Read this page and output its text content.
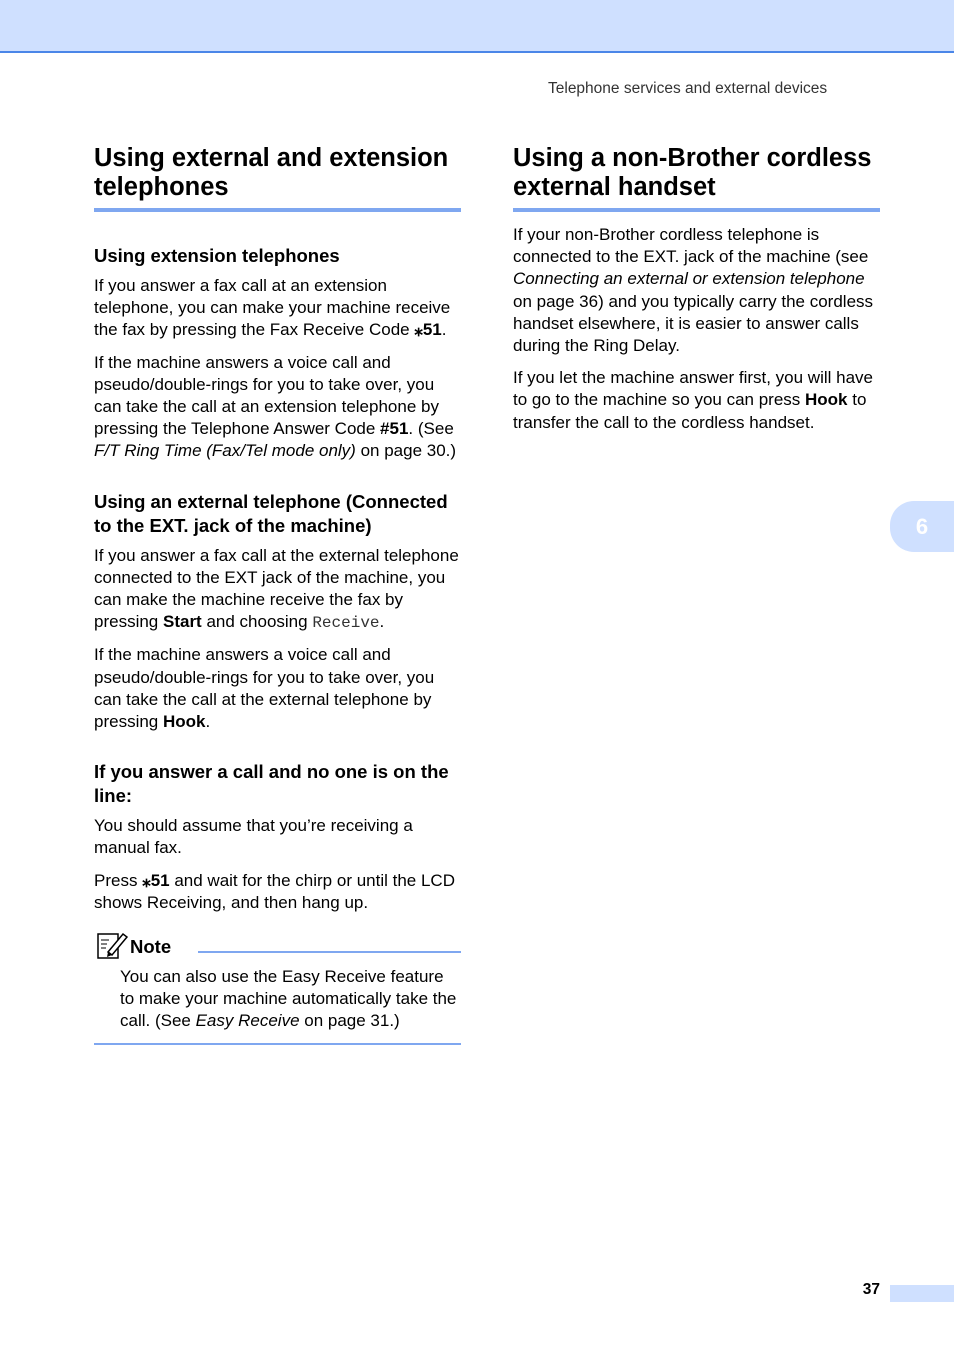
Telephone services and external devices
Using external and extension telephones
Using extension telephones

If you answer a fax call at an extension telephone, you can make your machine receive the fax by pressing the Fax Receive Code ⁎51.

If the machine answers a voice call and pseudo/double-rings for you to take over, you can take the call at an extension telephone by pressing the Telephone Answer Code #51. (See F/T Ring Time (Fax/Tel mode only) on page 30.)

Using an external telephone (Connected to the EXT. jack of the machine)

If you answer a fax call at the external telephone connected to the EXT jack of the machine, you can make the machine receive the fax by pressing Start and choosing Receive.

If the machine answers a voice call and pseudo/double-rings for you to take over, you can take the call at the external telephone by pressing Hook.

If you answer a call and no one is on the line:

You should assume that you’re receiving a manual fax.

Press ⁎51 and wait for the chirp or until the LCD shows Receiving, and then hang up.

Note

You can also use the Easy Receive feature to make your machine automatically take the call. (See Easy Receive on page 31.)

Using a non-Brother cordless external handset

If your non-Brother cordless telephone is connected to the EXT. jack of the machine (see Connecting an external or extension telephone on page 36) and you typically carry the cordless handset elsewhere, it is easier to answer calls during the Ring Delay.

If you let the machine answer first, you will have to go to the machine so you can press Hook to transfer the call to the cordless handset.

6
37
